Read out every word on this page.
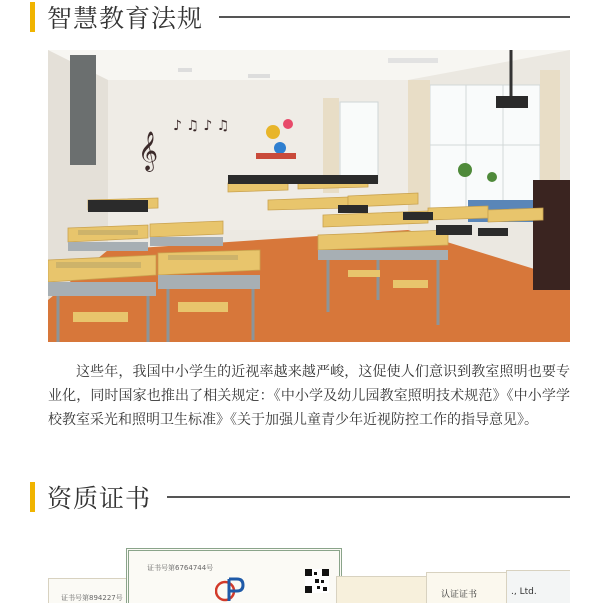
智慧教育法规
𝄞
♪ ♫ ♪ ♫
这些年，我国中小学生的近视率越来越严峻，这促使人们意识到教室照明也要专业化，同时国家也推出了相关规定：《中小学及幼儿园教室照明技术规范》《中小学学校教室采光和照明卫生标准》《关于加强儿童青少年近视防控工作的指导意见》。
资质证书
证书号第894227号
证书号第6764744号
认证证书	., Ltd.
